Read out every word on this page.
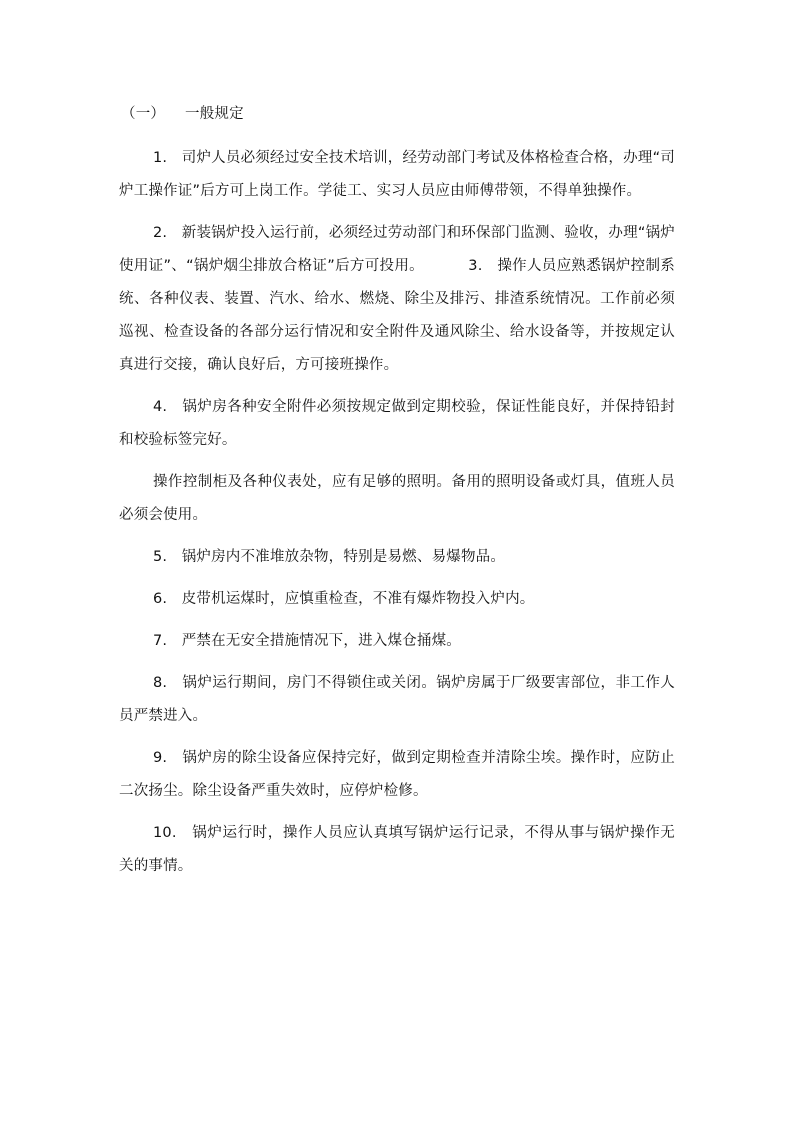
（一） 一般规定

1. 司炉人员必须经过安全技术培训，经劳动部门考试及体格检查合格，办理“司炉工操作证”后方可上岗工作。学徒工、实习人员应由师傅带领，不得单独操作。

2. 新装锅炉投入运行前，必须经过劳动部门和环保部门监测、验收，办理“锅炉使用证”、“锅炉烟尘排放合格证”后方可投用。	3. 操作人员应熟悉锅炉控制系统、各种仪表、装置、汽水、给水、燃烧、除尘及排污、排渣系统情况。工作前必须巡视、检查设备的各部分运行情况和安全附件及通风除尘、给水设备等，并按规定认真进行交接，确认良好后，方可接班操作。

4. 锅炉房各种安全附件必须按规定做到定期校验，保证性能良好，并保持铅封和校验标签完好。

操作控制柜及各种仪表处，应有足够的照明。备用的照明设备或灯具，值班人员必须会使用。

5. 锅炉房内不准堆放杂物，特别是易燃、易爆物品。

6. 皮带机运煤时，应慎重检查，不准有爆炸物投入炉内。

7. 严禁在无安全措施情况下，进入煤仓捅煤。

8. 锅炉运行期间，房门不得锁住或关闭。锅炉房属于厂级要害部位，非工作人员严禁进入。

9. 锅炉房的除尘设备应保持完好，做到定期检查并清除尘埃。操作时，应防止二次扬尘。除尘设备严重失效时，应停炉检修。

10. 锅炉运行时，操作人员应认真填写锅炉运行记录，不得从事与锅炉操作无关的事情。
